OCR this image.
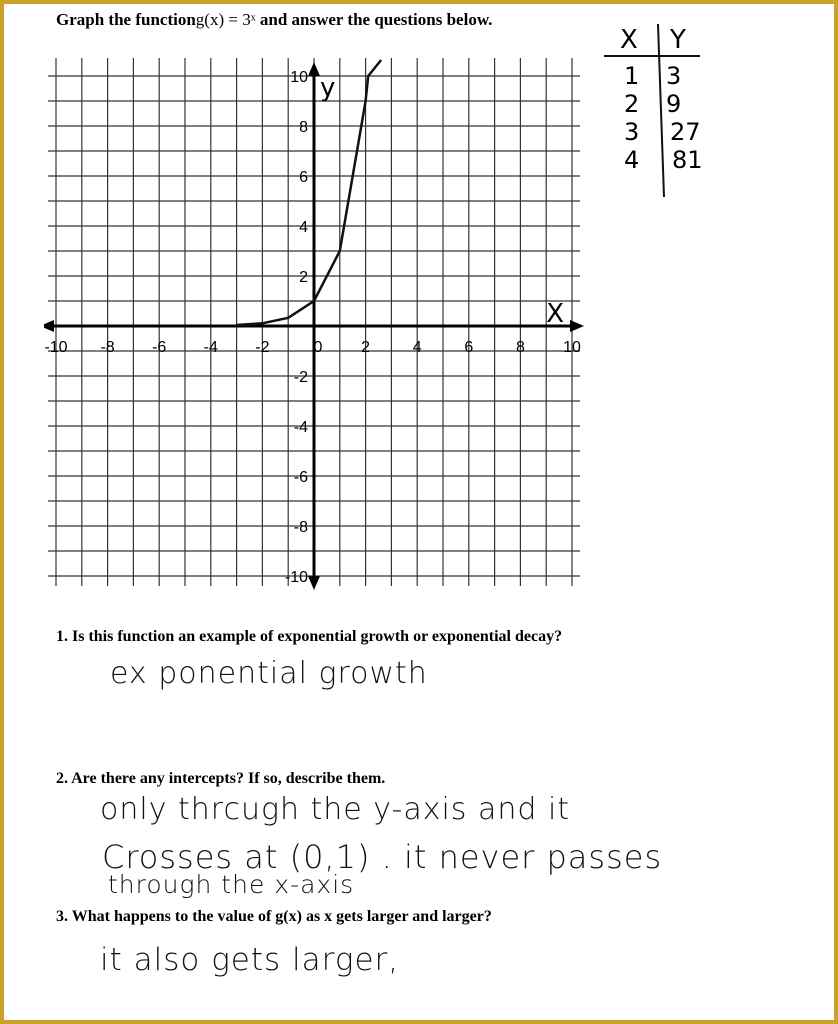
Graph the functiong(x) = 3ˣ and answer the questions below.
X Y
1 3
2 9
3 27
4 81
-10 -8 -6 -4 -2	0 2	4	6	8 10
10
8
6
4
2
-2
-4
-6
-8
-10
X
y
1. Is this function an example of exponential growth or exponential decay?
ex ponential growth
2. Are there any intercepts? If so, describe them.
only thrcugh the y-axis and it
Crosses at (0,1) . it never passes
through the x-axis
3. What happens to the value of g(x) as x gets larger and larger?
it also gets larger,
